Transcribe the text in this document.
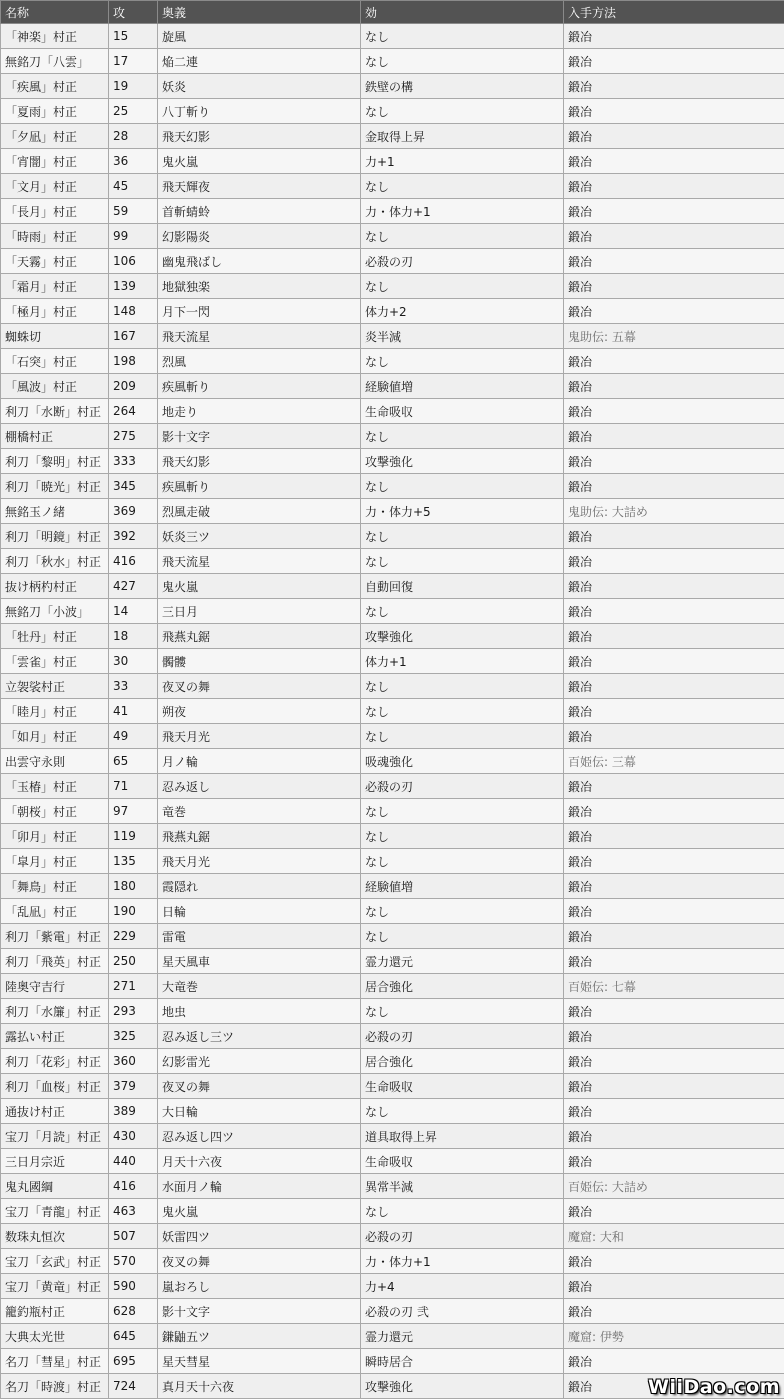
名称	攻	奥義	効	入手方法
「神楽」村正	15	旋風	なし	鍛冶
無銘刀「八雲」	17	焔二連	なし	鍛冶
「疾風」村正	19	妖炎	鉄壁の構	鍛冶
「夏雨」村正	25	八丁斬り	なし	鍛冶
「夕凪」村正	28	飛天幻影	金取得上昇	鍛冶
「宵闇」村正	36	鬼火嵐	力+1	鍛冶
「文月」村正	45	飛天輝夜	なし	鍛冶
「長月」村正	59	首斬蜻蛉	力・体力+1	鍛冶
「時雨」村正	99	幻影陽炎	なし	鍛冶
「天霧」村正	106	幽鬼飛ばし	必殺の刃	鍛冶
「霜月」村正	139	地獄独楽	なし	鍛冶
「極月」村正	148	月下一閃	体力+2	鍛冶
蜘蛛切	167	飛天流星	炎半減	鬼助伝: 五幕
「石突」村正	198	烈風	なし	鍛冶
「風波」村正	209	疾風斬り	経験値増	鍛冶
利刀「水断」村正	264	地走り	生命吸収	鍛冶
棚橋村正	275	影十文字	なし	鍛冶
利刀「黎明」村正	333	飛天幻影	攻撃強化	鍛冶
利刀「暁光」村正	345	疾風斬り	なし	鍛冶
無銘玉ノ緒	369	烈風走破	力・体力+5	鬼助伝: 大詰め
利刀「明鏡」村正	392	妖炎三ツ	なし	鍛冶
利刀「秋水」村正	416	飛天流星	なし	鍛冶
抜け柄杓村正	427	鬼火嵐	自動回復	鍛冶
無銘刀「小波」	14	三日月	なし	鍛冶
「牡丹」村正	18	飛燕丸鋸	攻撃強化	鍛冶
「雲雀」村正	30	髑髏	体力+1	鍛冶
立袈裟村正	33	夜叉の舞	なし	鍛冶
「睦月」村正	41	朔夜	なし	鍛冶
「如月」村正	49	飛天月光	なし	鍛冶
出雲守永則	65	月ノ輪	吸魂強化	百姫伝: 三幕
「玉椿」村正	71	忍み返し	必殺の刃	鍛冶
「朝桜」村正	97	竜巻	なし	鍛冶
「卯月」村正	119	飛燕丸鋸	なし	鍛冶
「皐月」村正	135	飛天月光	なし	鍛冶
「舞鳥」村正	180	霞隠れ	経験値増	鍛冶
「乱凪」村正	190	日輪	なし	鍛冶
利刀「紫電」村正	229	雷電	なし	鍛冶
利刀「飛英」村正	250	星天風車	霊力還元	鍛冶
陸奥守吉行	271	大竜巻	居合強化	百姫伝: 七幕
利刀「水簾」村正	293	地虫	なし	鍛冶
露払い村正	325	忍み返し三ツ	必殺の刃	鍛冶
利刀「花彩」村正	360	幻影雷光	居合強化	鍛冶
利刀「血桜」村正	379	夜叉の舞	生命吸収	鍛冶
通抜け村正	389	大日輪	なし	鍛冶
宝刀「月読」村正	430	忍み返し四ツ	道具取得上昇	鍛冶
三日月宗近	440	月天十六夜	生命吸収	鍛冶
鬼丸國綱	416	水面月ノ輪	異常半減	百姫伝: 大詰め
宝刀「青龍」村正	463	鬼火嵐	なし	鍛冶
数珠丸恒次	507	妖雷四ツ	必殺の刃	魔窟: 大和
宝刀「玄武」村正	570	夜叉の舞	力・体力+1	鍛冶
宝刀「黄竜」村正	590	嵐おろし	力+4	鍛冶
籠釣瓶村正	628	影十文字	必殺の刃 弐	鍛冶
大典太光世	645	鎌鼬五ツ	霊力還元	魔窟: 伊勢
名刀「彗星」村正	695	星天彗星	瞬時居合	鍛冶
名刀「時渡」村正	724	真月天十六夜	攻撃強化	鍛冶	WiiDao.com
